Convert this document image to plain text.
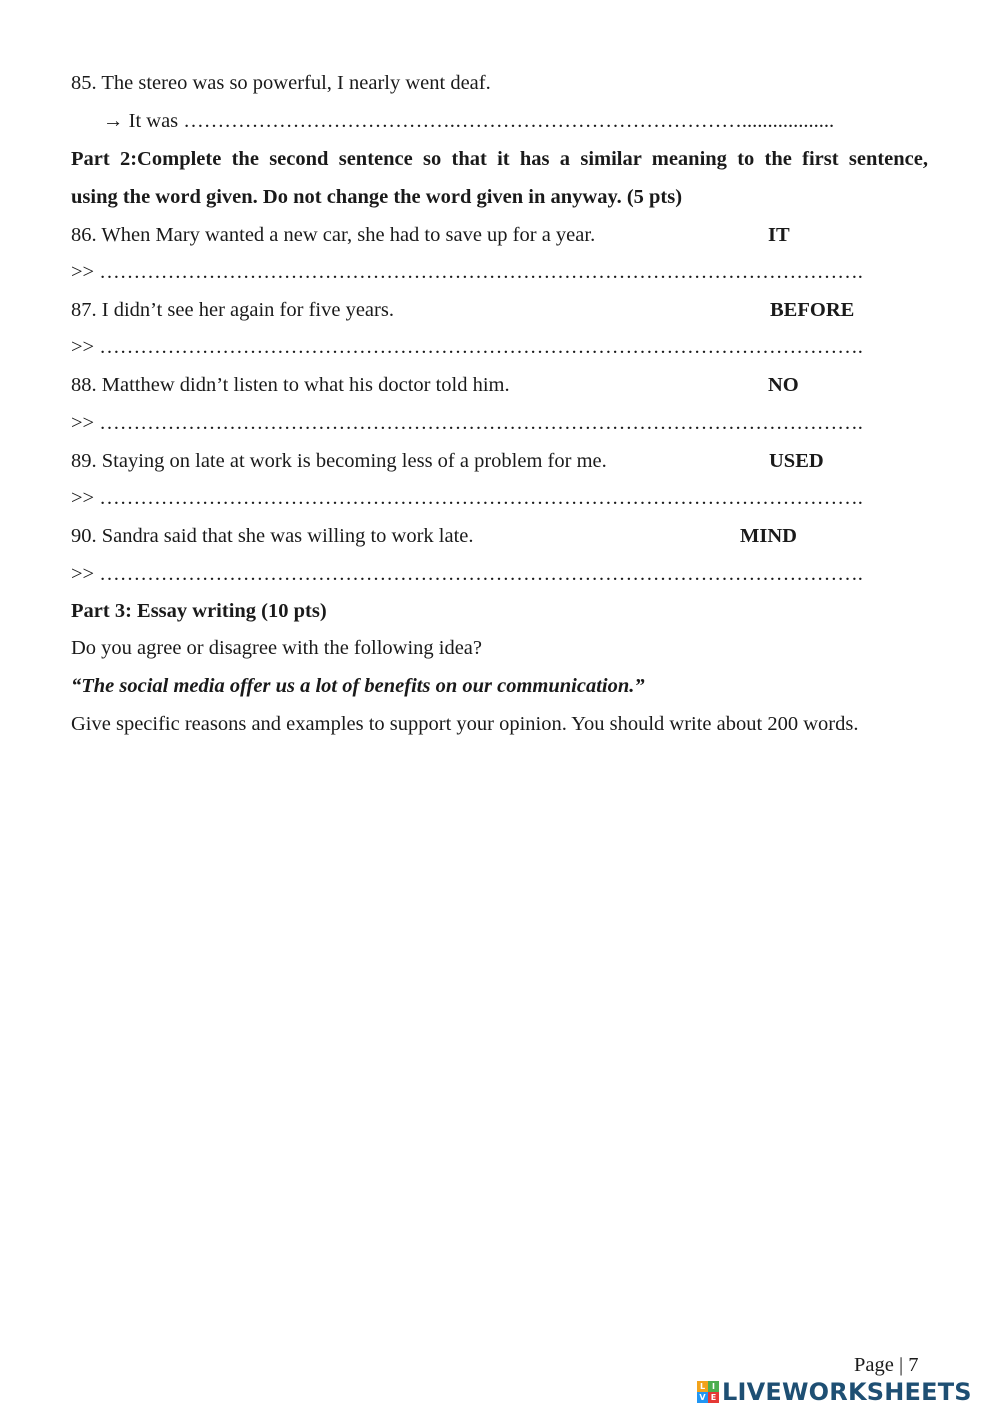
85. The stereo was so powerful, I nearly went deaf.
→ It was ………………………………….……………………………………..................
Part 2:Complete the second sentence so that it has a similar meaning to the first sentence,
using the word given. Do not change the word given in anyway. (5 pts)
86. When Mary wanted a new car, she had to save up for a year.	IT
>> ………………………………………………………………………………………………….
87. I didn’t see her again for five years.	BEFORE
>> ………………………………………………………………………………………………….
88. Matthew didn’t listen to what his doctor told him.	NO
>> ………………………………………………………………………………………………….
89. Staying on late at work is becoming less of a problem for me.	USED
>> ………………………………………………………………………………………………….
90. Sandra said that she was willing to work late.	MIND
>> ………………………………………………………………………………………………….
Part 3: Essay writing (10 pts)
Do you agree or disagree with the following idea?
“The social media offer us a lot of benefits on our communication.”
Give specific reasons and examples to support your opinion. You should write about 200 words.
Page | 7
L I
V E LIVEWORKSHEETS
